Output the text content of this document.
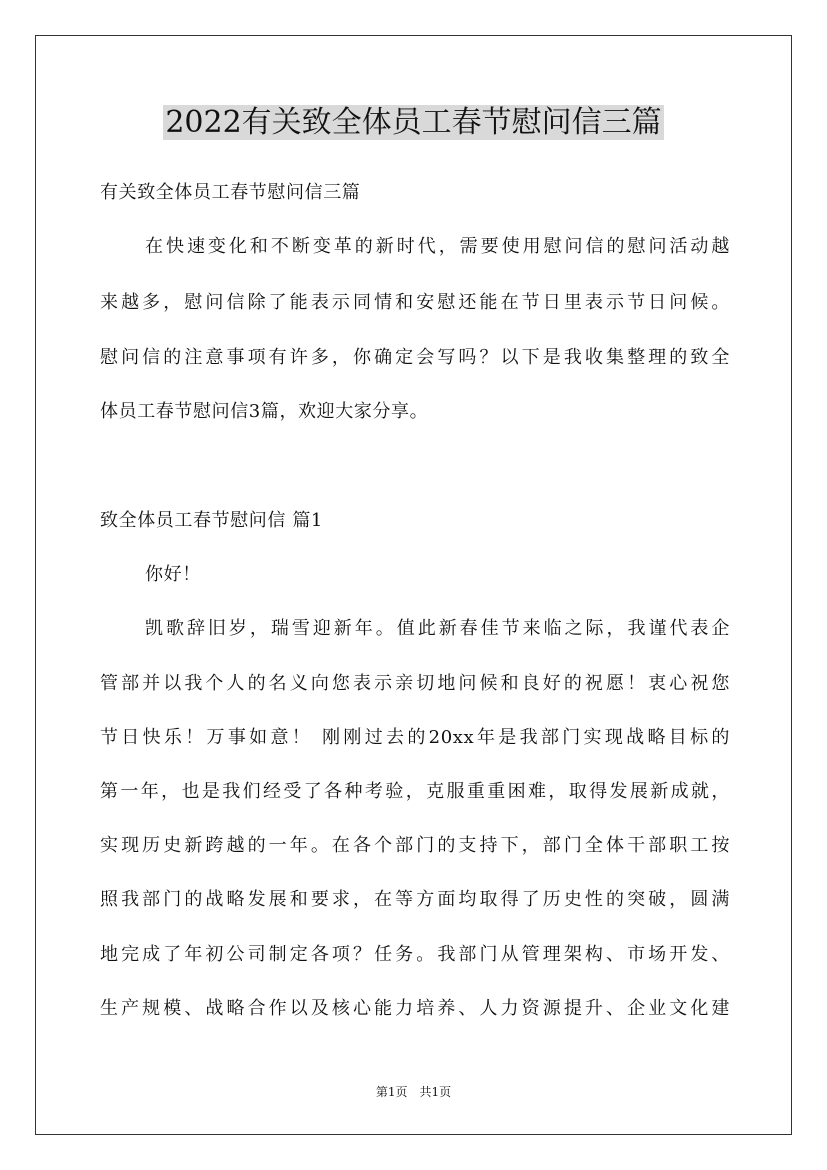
2022有关致全体员工春节慰问信三篇
有关致全体员工春节慰问信三篇
在快速变化和不断变革的新时代，需要使用慰问信的慰问活动越
来越多，慰问信除了能表示同情和安慰还能在节日里表示节日问候。
慰问信的注意事项有许多，你确定会写吗？以下是我收集整理的致全
体员工春节慰问信3篇，欢迎大家分享。
致全体员工春节慰问信 篇1
你好！
凯歌辞旧岁，瑞雪迎新年。值此新春佳节来临之际，我谨代表企
管部并以我个人的名义向您表示亲切地问候和良好的祝愿！衷心祝您
节日快乐！万事如意！ 刚刚过去的20xx年是我部门实现战略目标的
第一年，也是我们经受了各种考验，克服重重困难，取得发展新成就，
实现历史新跨越的一年。在各个部门的支持下，部门全体干部职工按
照我部门的战略发展和要求，在等方面均取得了历史性的突破，圆满
地完成了年初公司制定各项？任务。我部门从管理架构、市场开发、
生产规模、战略合作以及核心能力培养、人力资源提升、企业文化建
第1页　共1页
